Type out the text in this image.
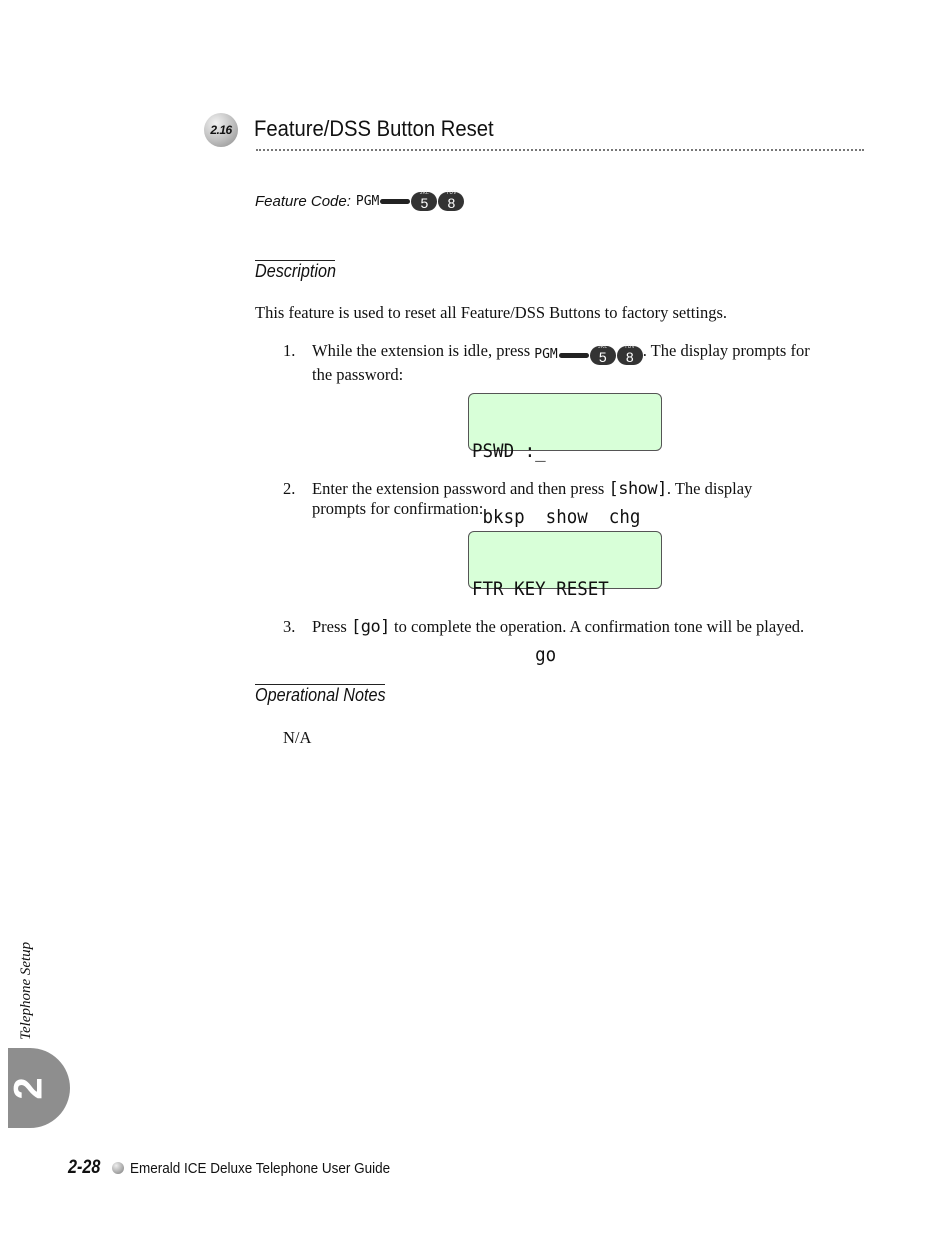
2.16 Feature/DSS Button Reset
Feature Code: PGM
JKL
5
TUV
8
Description
This feature is used to reset all Feature/DSS Buttons to factory settings.
1. While the extension is idle, press PGM
JKL
5
TUV
8 . The display prompts for
the password:

PSWD :_

bksp  show  chg

2. Enter the extension password and then press [show]. The display
prompts for confirmation:

FTR KEY RESET

go

3. Press [go] to complete the operation. A confirmation tone will be played.
Operational Notes
N/A
Telephone Setup
2
2-28 Emerald ICE Deluxe Telephone User Guide
